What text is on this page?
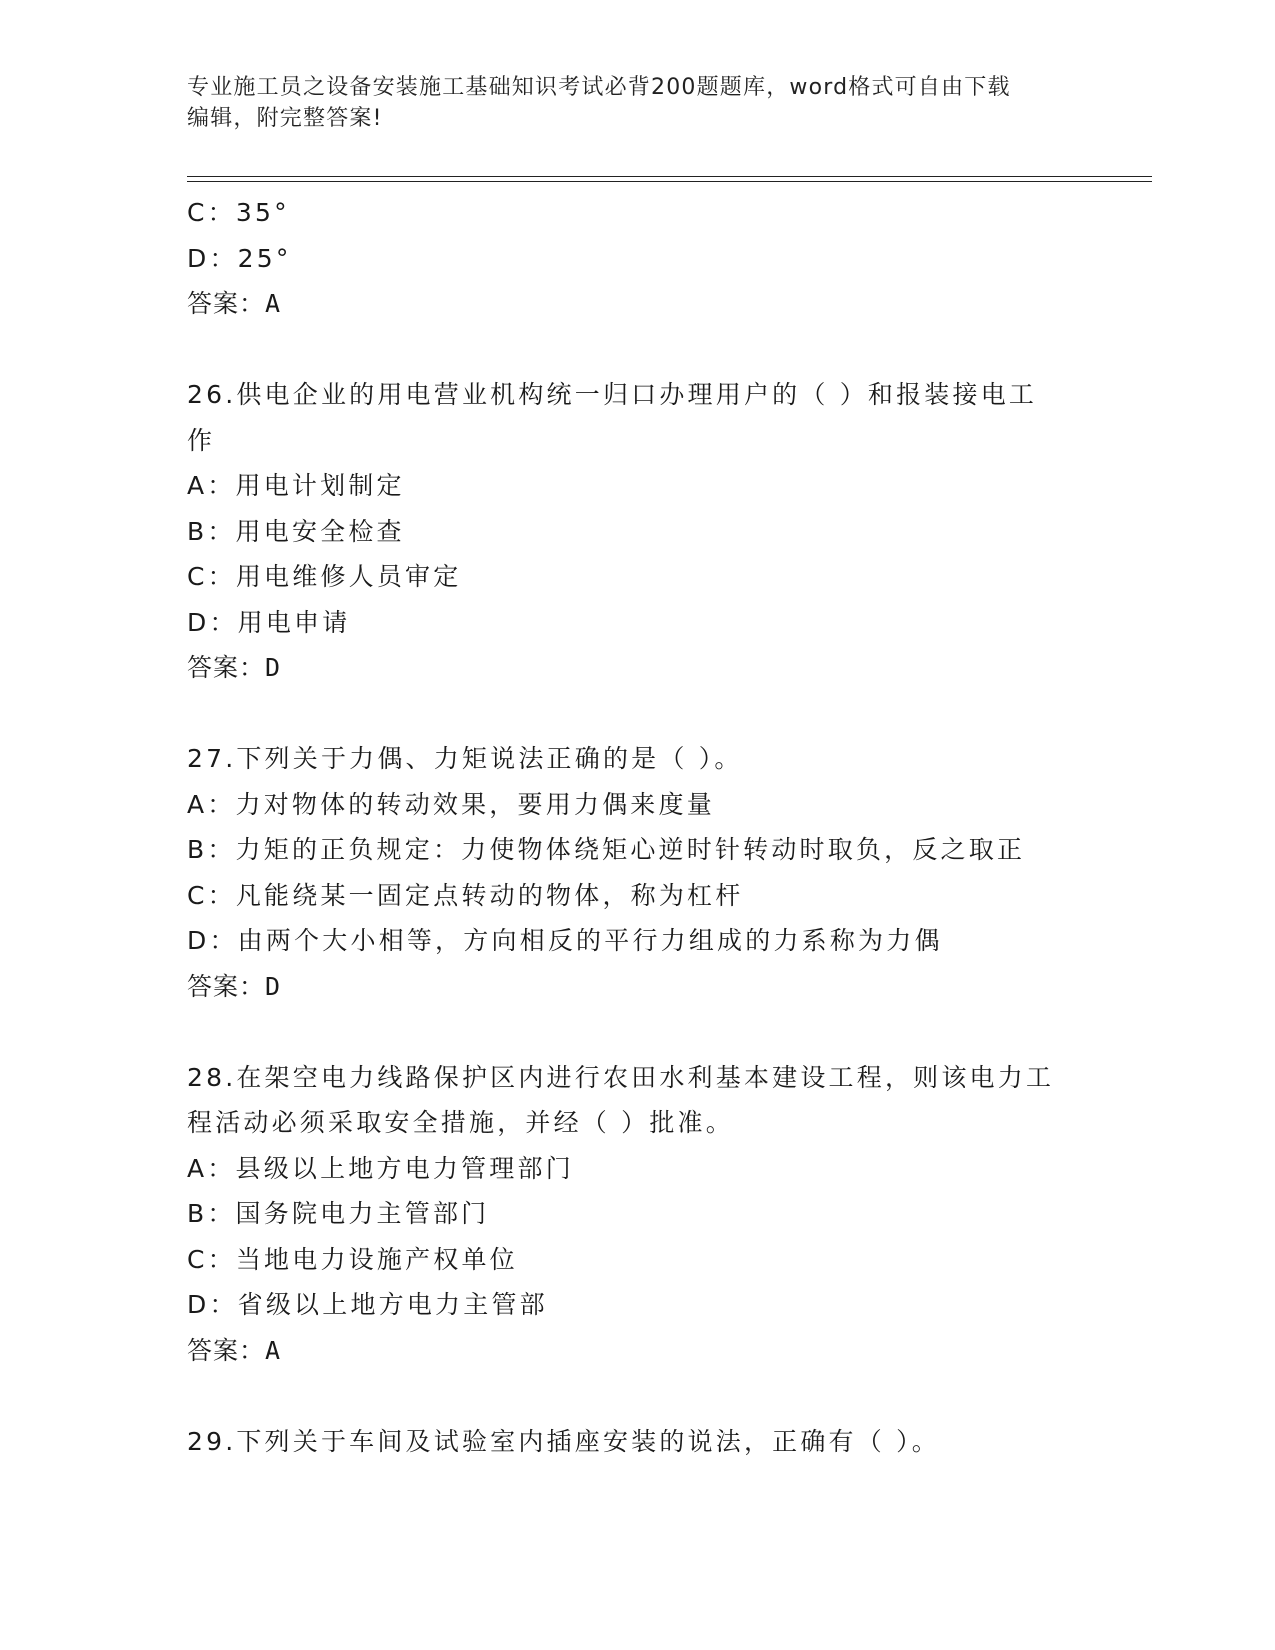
专业施工员之设备安装施工基础知识考试必背200题题库，word格式可自由下载
编辑，附完整答案!
C：35°
D：25°
答案：A
26.供电企业的用电营业机构统一归口办理用户的（ ）和报装接电工
作
A：用电计划制定
B：用电安全检查
C：用电维修人员审定
D：用电申请
答案：D
27.下列关于力偶、力矩说法正确的是（ ）。
A：力对物体的转动效果，要用力偶来度量
B：力矩的正负规定：力使物体绕矩心逆时针转动时取负，反之取正
C：凡能绕某一固定点转动的物体，称为杠杆
D：由两个大小相等，方向相反的平行力组成的力系称为力偶
答案：D
28.在架空电力线路保护区内进行农田水利基本建设工程，则该电力工
程活动必须采取安全措施，并经（ ）批准。
A：县级以上地方电力管理部门
B：国务院电力主管部门
C：当地电力设施产权单位
D：省级以上地方电力主管部
答案：A
29.下列关于车间及试验室内插座安装的说法，正确有（ ）。
